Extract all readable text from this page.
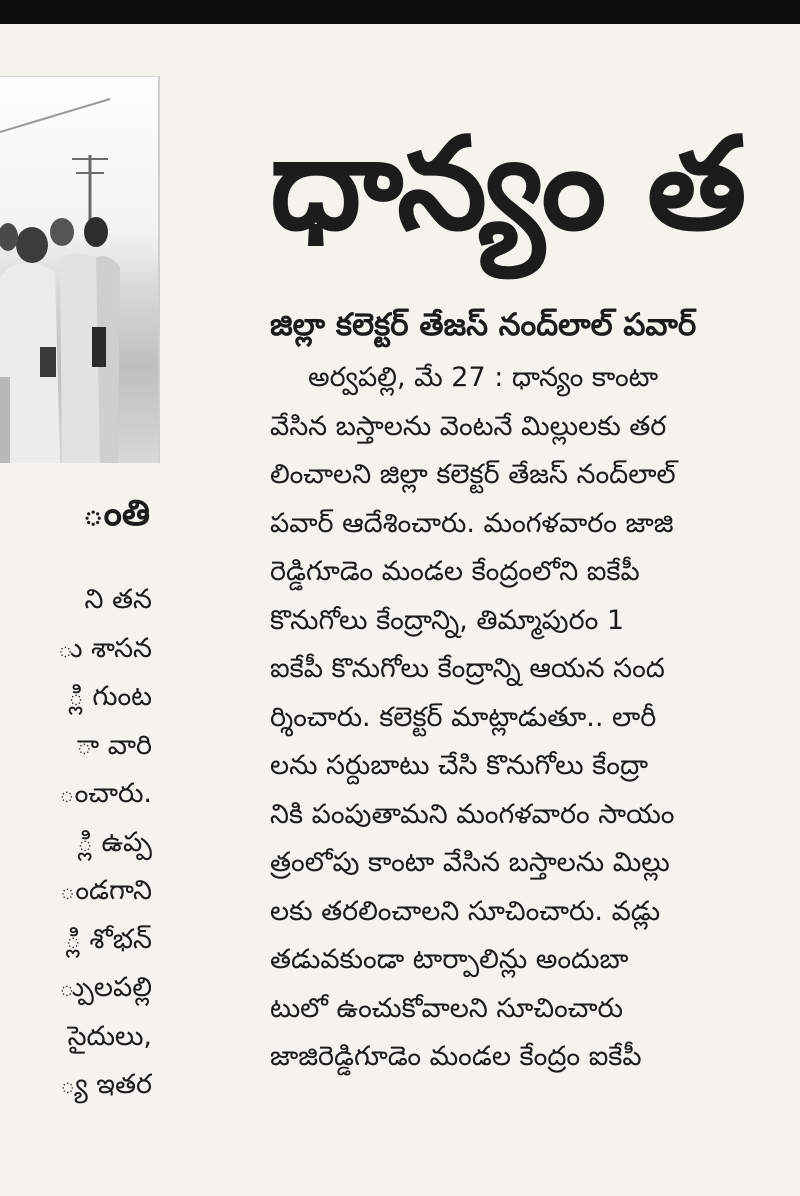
ంతి
ని తన
ు శాసన
్లి గుంట
ా వారి
ంచారు.
్లి ఉప్ప
ండగాని
్లి శోభన్
్పులపల్లి
సైదులు,
్య ఇతర
ధాన్యం త
జిల్లా కలెక్టర్ తేజస్ నంద్‌లాల్ పవార్
అర్వపల్లి, మే 27 : ధాన్యం కాంటా
వేసిన బస్తాలను వెంటనే మిల్లులకు తర
లించాలని జిల్లా కలెక్టర్ తేజస్ నంద్‌లాల్
పవార్ ఆదేశించారు. మంగళవారం జాజి
రెడ్డిగూడెం మండల కేంద్రంలోని ఐకేపీ
కొనుగోలు కేంద్రాన్ని, తిమ్మాపురం 1
ఐకేపీ కొనుగోలు కేంద్రాన్ని ఆయన సంద
ర్శించారు. కలెక్టర్ మాట్లాడుతూ.. లారీ
లను సర్దుబాటు చేసి కొనుగోలు కేంద్రా
నికి పంపుతామని మంగళవారం సాయం
త్రంలోపు కాంటా వేసిన బస్తాలను మిల్లు
లకు తరలించాలని సూచించారు. వడ్లు
తడువకుండా టార్పాలిన్లు అందుబా
టులో ఉంచుకోవాలని సూచించారు
జాజిరెడ్డిగూడెం మండల కేంద్రం ఐకేపీ
